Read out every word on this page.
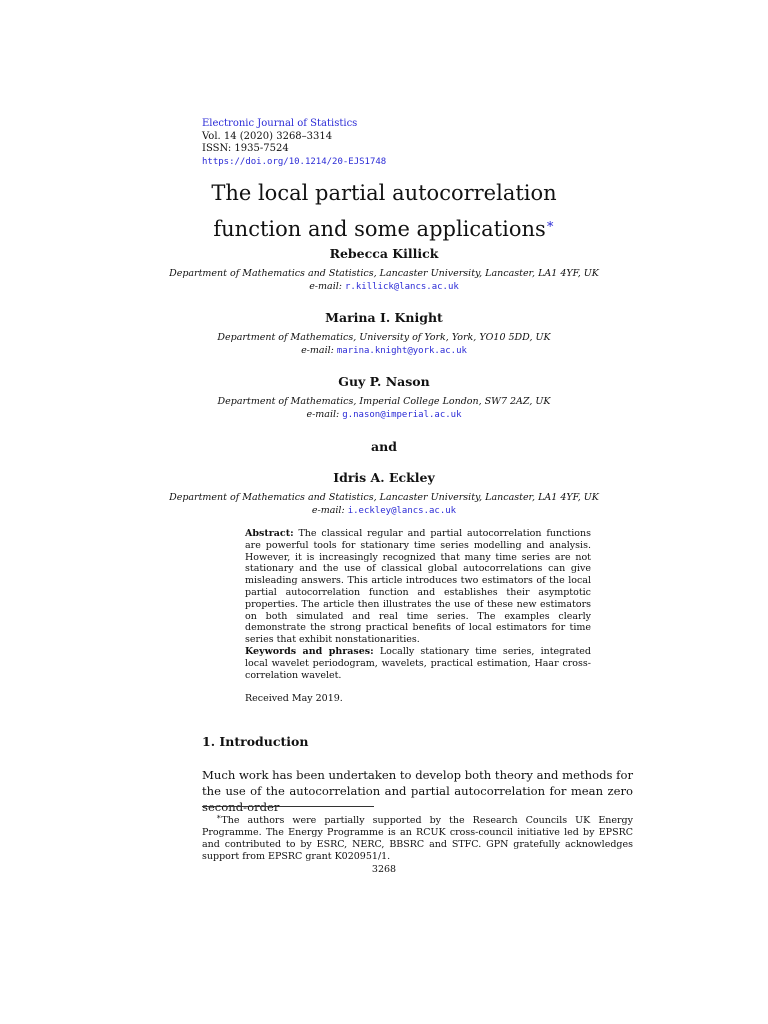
Electronic Journal of Statistics
Vol. 14 (2020) 3268–3314
ISSN: 1935-7524
https://doi.org/10.1214/20-EJS1748
The local partial autocorrelation
function and some applications∗
Rebecca Killick
Department of Mathematics and Statistics, Lancaster University, Lancaster, LA1 4YF, UK
e-mail: r.killick@lancs.ac.uk
Marina I. Knight
Department of Mathematics, University of York, York, YO10 5DD, UK
e-mail: marina.knight@york.ac.uk
Guy P. Nason
Department of Mathematics, Imperial College London, SW7 2AZ, UK
e-mail: g.nason@imperial.ac.uk
and
Idris A. Eckley
Department of Mathematics and Statistics, Lancaster University, Lancaster, LA1 4YF, UK
e-mail: i.eckley@lancs.ac.uk
Abstract: The classical regular and partial autocorrelation functions are powerful tools for stationary time series modelling and analysis. However, it is increasingly recognized that many time series are not stationary and the use of classical global autocorrelations can give misleading answers. This article introduces two estimators of the local partial autocorrelation function and establishes their asymptotic properties. The article then illustrates the use of these new estimators on both simulated and real time series. The examples clearly demonstrate the strong practical benefits of local estimators for time series that exhibit nonstationarities.
Keywords and phrases: Locally stationary time series, integrated local wavelet periodogram, wavelets, practical estimation, Haar cross-correlation wavelet.
Received May 2019.
1. Introduction
Much work has been undertaken to develop both theory and methods for the use of the autocorrelation and partial autocorrelation for mean zero second-order
∗The authors were partially supported by the Research Councils UK Energy Programme. The Energy Programme is an RCUK cross-council initiative led by EPSRC and contributed to by ESRC, NERC, BBSRC and STFC. GPN gratefully acknowledges support from EPSRC grant K020951/1.
3268
